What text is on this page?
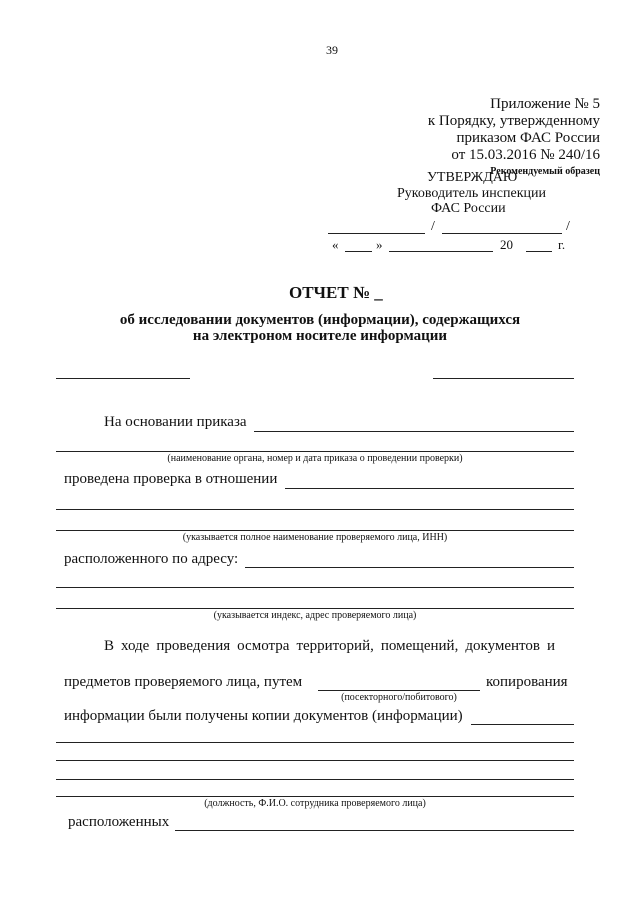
39
Приложение № 5
к Порядку, утвержденному
приказом ФАС России
от 15.03.2016 № 240/16
Рекомендуемый образец
УТВЕРЖДАЮ
Руководитель инспекции
ФАС России
/	/
«	»	20	г.
ОТЧЕТ № _
об исследовании документов (информации), содержащихся
на электроном носителе информации
На основании приказа
(наименование органа, номер и дата приказа о проведении проверки)
проведена проверка в отношении
(указывается полное наименование проверяемого лица, ИНН)
расположенного по адресу:
(указывается индекс, адрес проверяемого лица)
В ходе проведения осмотра территорий, помещений, документов и
предметов проверяемого лица, путем	копирования
(посекторного/побитового)
информации были получены копии документов (информации)
(должность, Ф.И.О. сотрудника проверяемого лица)
расположенных
